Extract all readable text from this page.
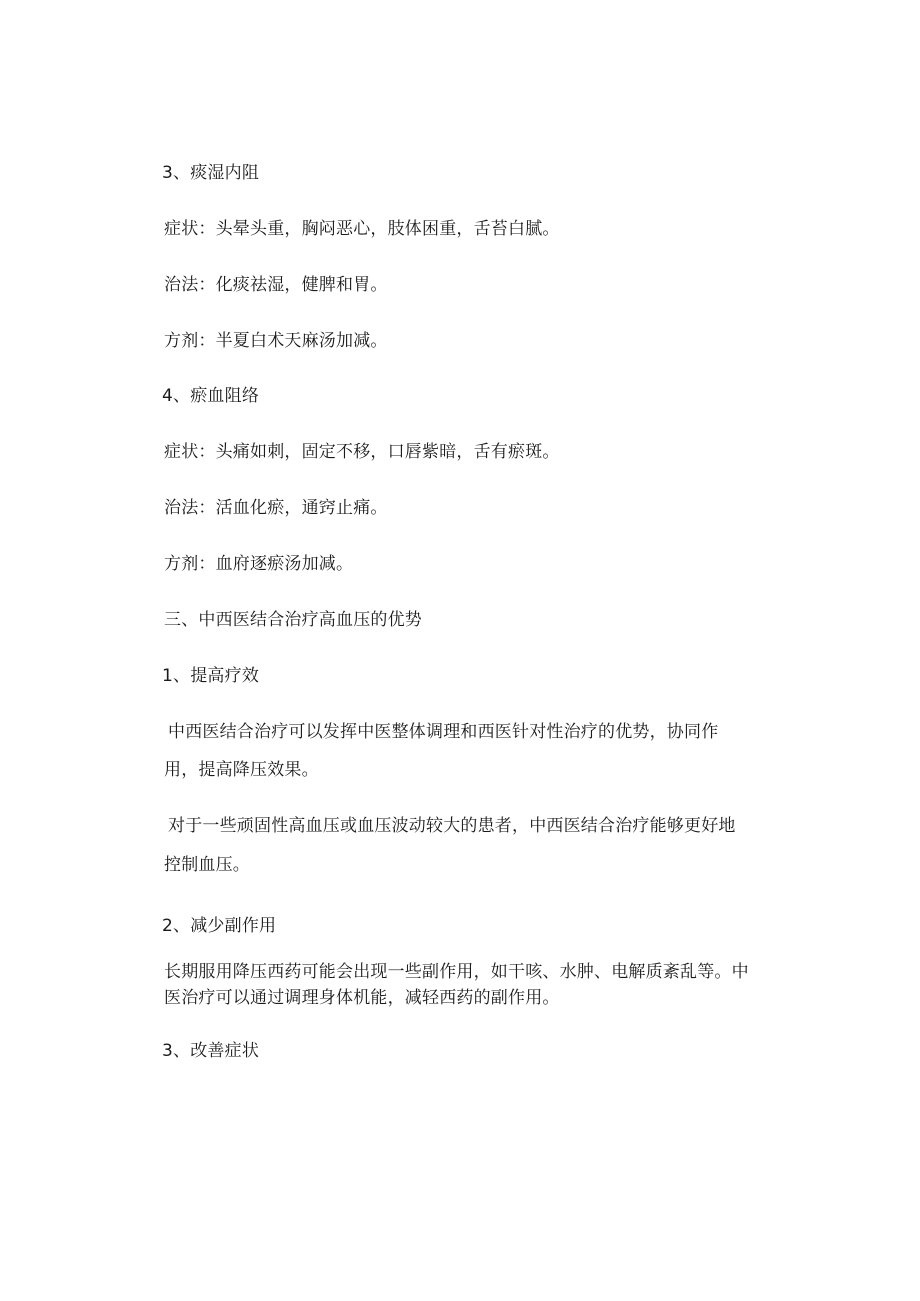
3、痰湿内阻
症状：头晕头重，胸闷恶心，肢体困重，舌苔白腻。
治法：化痰祛湿，健脾和胃。
方剂：半夏白术天麻汤加减。
4、瘀血阻络
症状：头痛如刺，固定不移，口唇紫暗，舌有瘀斑。
治法：活血化瘀，通窍止痛。
方剂：血府逐瘀汤加减。
三、中西医结合治疗高血压的优势
1、提高疗效
中西医结合治疗可以发挥中医整体调理和西医针对性治疗的优势，协同作
用，提高降压效果。
对于一些顽固性高血压或血压波动较大的患者，中西医结合治疗能够更好地
控制血压。
2、减少副作用
长期服用降压西药可能会出现一些副作用，如干咳、水肿、电解质紊乱等。中
医治疗可以通过调理身体机能，减轻西药的副作用。
3、改善症状
